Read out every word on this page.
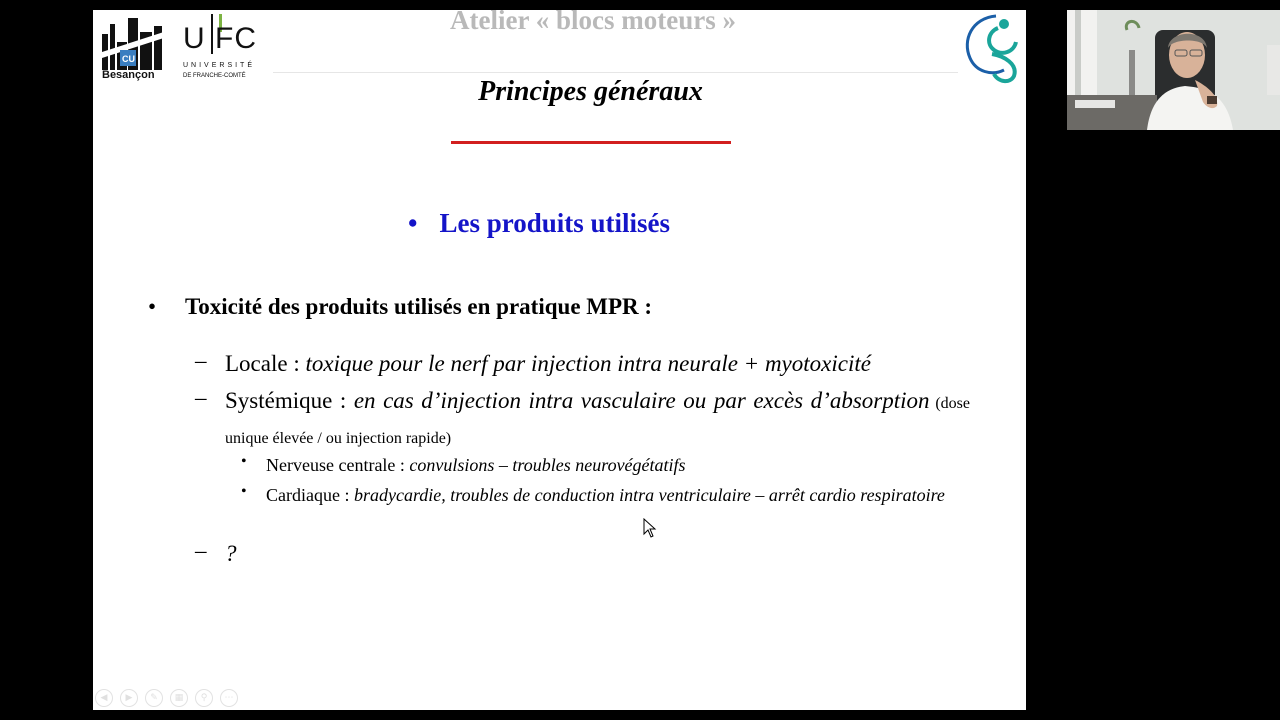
CU
Besançon
U FC
UNIVERSITÉ
DE FRANCHE-COMTÉ
Atelier « blocs moteurs »
Principes généraux
• Les produits utilisés
• Toxicité des produits utilisés en pratique MPR :
– Locale : toxique pour le nerf par injection intra neurale + myotoxicité
– Systémique : en cas d’injection intra vasculaire ou par excès d’absorption (dose unique élevée / ou injection rapide)
• Nerveuse centrale : convulsions – troubles neurovégétatifs
• Cardiaque : bradycardie, troubles de conduction intra ventriculaire – arrêt cardio respiratoire
– ?
◀ ▶ ✎ ▦ ⚲ ⋯
